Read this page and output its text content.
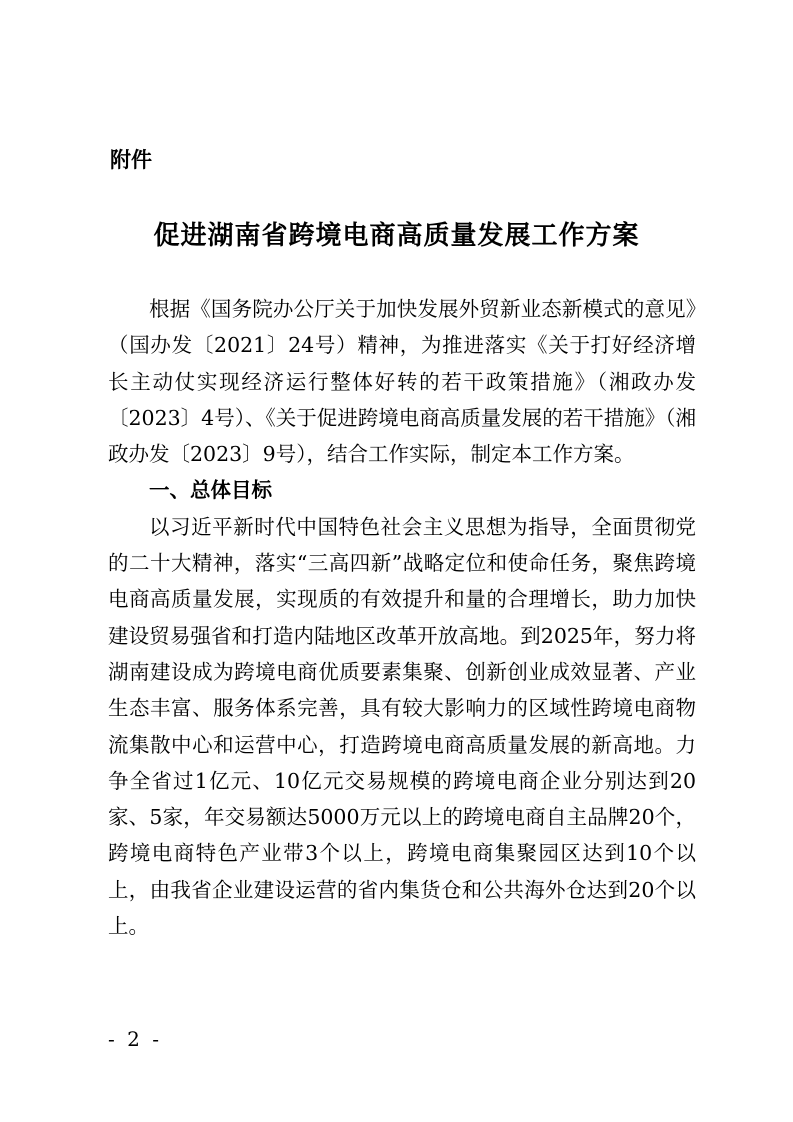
附件

促进湖南省跨境电商高质量发展工作方案

根据《国务院办公厅关于加快发展外贸新业态新模式的意见》（国办发〔2021〕24号）精神，为推进落实《关于打好经济增长主动仗实现经济运行整体好转的若干政策措施》（湘政办发〔2023〕4号）、《关于促进跨境电商高质量发展的若干措施》（湘政办发〔2023〕9号），结合工作实际，制定本工作方案。

一、总体目标

以习近平新时代中国特色社会主义思想为指导，全面贯彻党的二十大精神，落实“三高四新”战略定位和使命任务，聚焦跨境电商高质量发展，实现质的有效提升和量的合理增长，助力加快建设贸易强省和打造内陆地区改革开放高地。到2025年，努力将湖南建设成为跨境电商优质要素集聚、创新创业成效显著、产业生态丰富、服务体系完善，具有较大影响力的区域性跨境电商物流集散中心和运营中心，打造跨境电商高质量发展的新高地。力争全省过1亿元、10亿元交易规模的跨境电商企业分别达到20家、5家，年交易额达5000万元以上的跨境电商自主品牌20个，跨境电商特色产业带3个以上，跨境电商集聚园区达到10个以上，由我省企业建设运营的省内集货仓和公共海外仓达到20个以上。

- 2 -
